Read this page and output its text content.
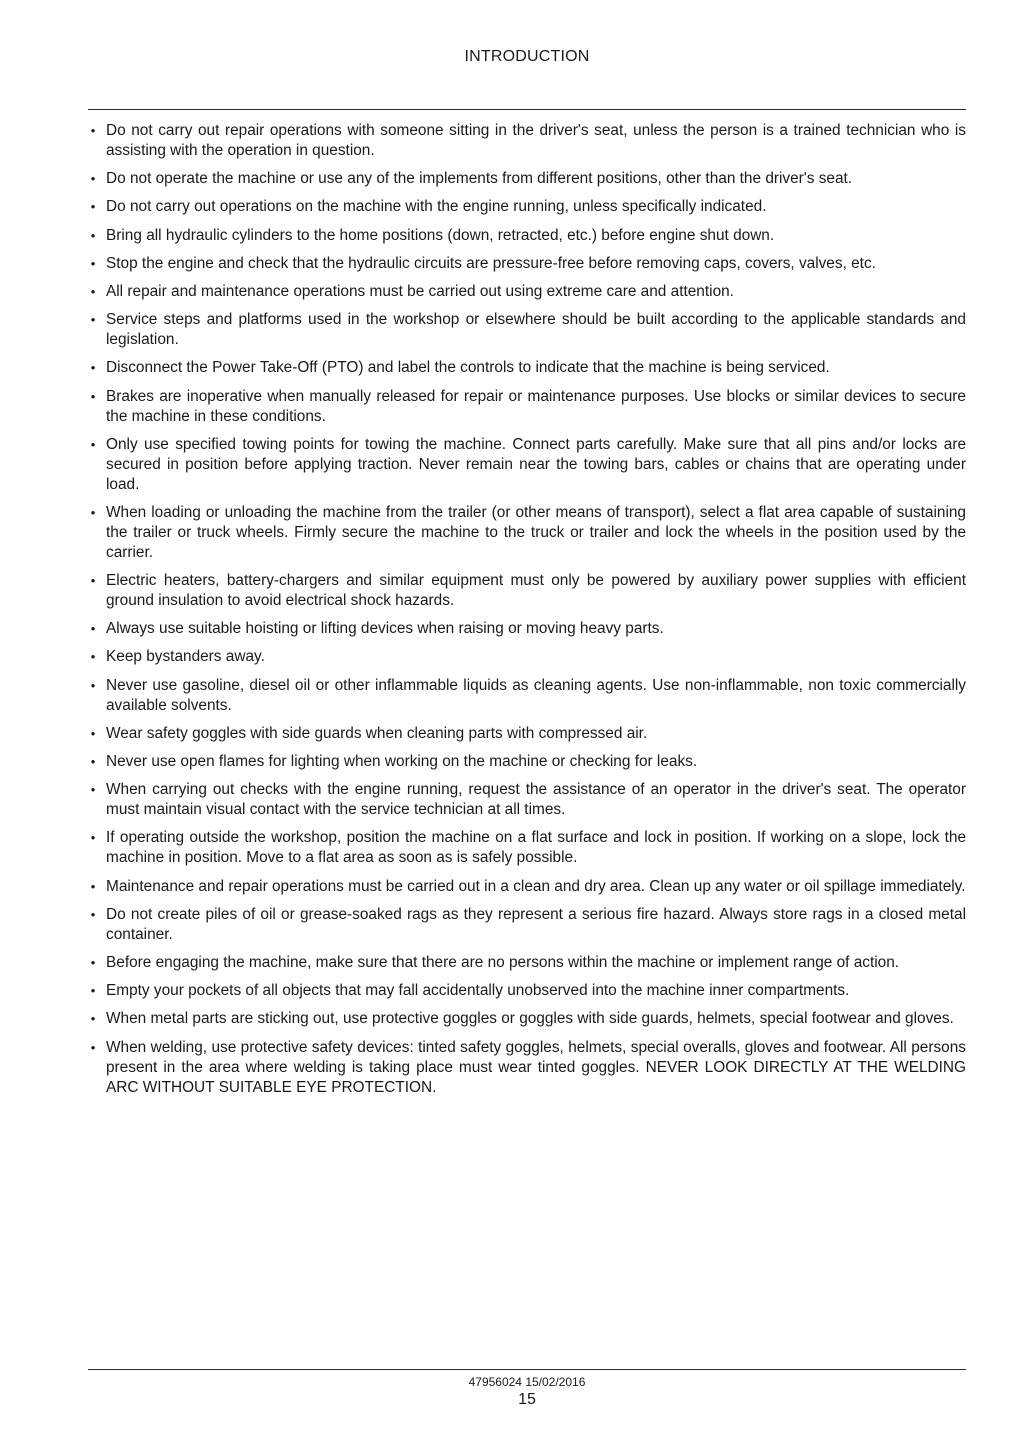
INTRODUCTION
• Do not carry out repair operations with someone sitting in the driver's seat, unless the person is a trained technician who is assisting with the operation in question.
• Do not operate the machine or use any of the implements from different positions, other than the driver's seat.
• Do not carry out operations on the machine with the engine running, unless specifically indicated.
• Bring all hydraulic cylinders to the home positions (down, retracted, etc.) before engine shut down.
• Stop the engine and check that the hydraulic circuits are pressure-free before removing caps, covers, valves, etc.
• All repair and maintenance operations must be carried out using extreme care and attention.
• Service steps and platforms used in the workshop or elsewhere should be built according to the applicable standards and legislation.
• Disconnect the Power Take-Off (PTO) and label the controls to indicate that the machine is being serviced.
• Brakes are inoperative when manually released for repair or maintenance purposes. Use blocks or similar devices to secure the machine in these conditions.
• Only use specified towing points for towing the machine. Connect parts carefully. Make sure that all pins and/or locks are secured in position before applying traction. Never remain near the towing bars, cables or chains that are operating under load.
• When loading or unloading the machine from the trailer (or other means of transport), select a flat area capable of sustaining the trailer or truck wheels. Firmly secure the machine to the truck or trailer and lock the wheels in the position used by the carrier.
• Electric heaters, battery-chargers and similar equipment must only be powered by auxiliary power supplies with efficient ground insulation to avoid electrical shock hazards.
• Always use suitable hoisting or lifting devices when raising or moving heavy parts.
• Keep bystanders away.
• Never use gasoline, diesel oil or other inflammable liquids as cleaning agents. Use non-inflammable, non toxic commercially available solvents.
• Wear safety goggles with side guards when cleaning parts with compressed air.
• Never use open flames for lighting when working on the machine or checking for leaks.
• When carrying out checks with the engine running, request the assistance of an operator in the driver's seat. The operator must maintain visual contact with the service technician at all times.
• If operating outside the workshop, position the machine on a flat surface and lock in position. If working on a slope, lock the machine in position. Move to a flat area as soon as is safely possible.
• Maintenance and repair operations must be carried out in a clean and dry area. Clean up any water or oil spillage immediately.
• Do not create piles of oil or grease-soaked rags as they represent a serious fire hazard. Always store rags in a closed metal container.
• Before engaging the machine, make sure that there are no persons within the machine or implement range of action.
• Empty your pockets of all objects that may fall accidentally unobserved into the machine inner compartments.
• When metal parts are sticking out, use protective goggles or goggles with side guards, helmets, special footwear and gloves.
• When welding, use protective safety devices: tinted safety goggles, helmets, special overalls, gloves and footwear. All persons present in the area where welding is taking place must wear tinted goggles. NEVER LOOK DIRECTLY AT THE WELDING ARC WITHOUT SUITABLE EYE PROTECTION.
47956024 15/02/2016
15
